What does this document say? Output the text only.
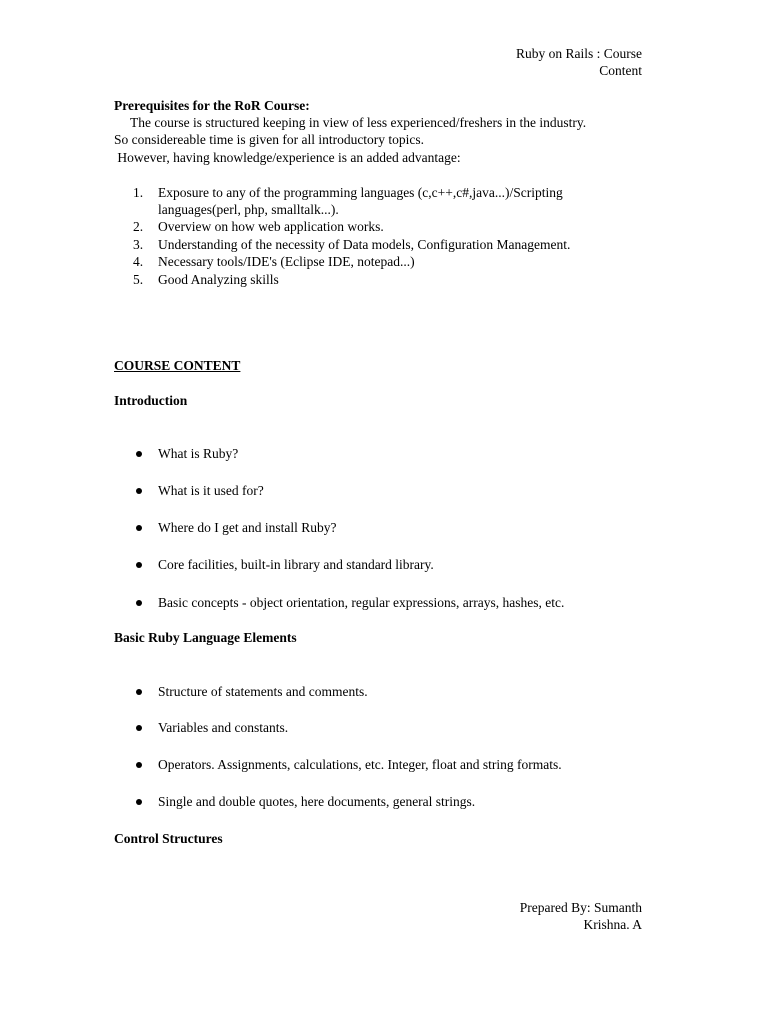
Ruby on Rails : Course
Content
Prerequisites for the RoR Course:
The course is structured keeping in view of less experienced/freshers in the industry.
So considereable time is given for all introductory topics.
However, having knowledge/experience is an added advantage:
1.	Exposure to any of the programming languages (c,c++,c#,java...)/Scripting
languages(perl, php, smalltalk...).
2.	Overview on how web application works.
3.	Understanding of the necessity of Data models, Configuration Management.
4.	Necessary tools/IDE's (Eclipse IDE, notepad...)
5.	Good Analyzing skills
COURSE CONTENT
Introduction
What is Ruby?
What is it used for?
Where do I get and install Ruby?
Core facilities, built-in library and standard library.
Basic concepts - object orientation, regular expressions, arrays, hashes, etc.
Basic Ruby Language Elements
Structure of statements and comments.
Variables and constants.
Operators. Assignments, calculations, etc. Integer, float and string formats.
Single and double quotes, here documents, general strings.
Control Structures
Prepared By: Sumanth
Krishna. A
